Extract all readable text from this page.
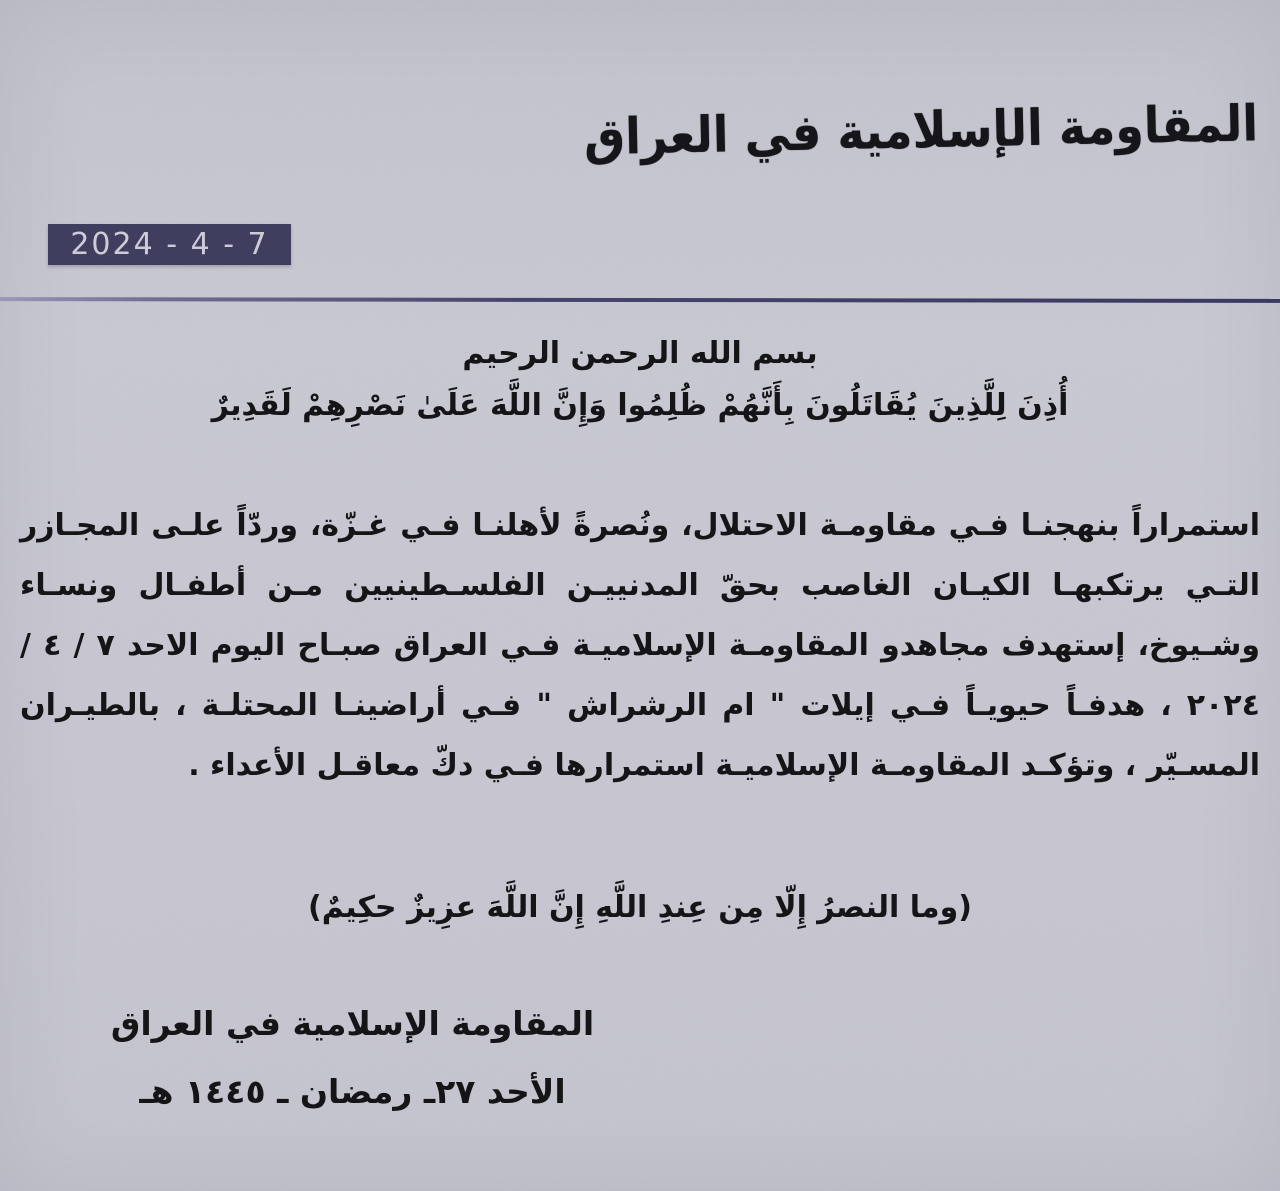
المقاومة الإسلامية في العراق
2024 - 4 - 7
بسم الله الرحمن الرحيم
أُذِنَ لِلَّذِينَ يُقَاتَلُونَ بِأَنَّهُمْ ظُلِمُوا وَإِنَّ اللَّهَ عَلَىٰ نَصْرِهِمْ لَقَدِيرٌ
استمراراً بنهجنـا فـي مقاومـة الاحتلال، ونُصرةً لأهلنـا فـي غـزّة، وردّاً علـى المجـازر التـي يرتكبهـا الكيـان الغاصب بحقّ المدنييـن الفلسـطينيين مـن أطفـال ونسـاء وشـيوخ، إستهدف مجاهدو المقاومـة الإسلاميـة فـي العراق صبـاح اليوم الاحد ٧ / ٤ / ٢٠٢٤ ، هدفـاً حيويـاً فـي إيلات " ام الرشراش " فـي أراضينـا المحتلـة ، بالطيـران المسـيّر ، وتؤكـد المقاومـة الإسلاميـة استمرارها فـي دكّ معاقـل الأعداء .
(وما النصرُ إِلّا مِن عِندِ اللَّهِ إِنَّ اللَّهَ عزِيزٌ حكِيمٌ)
المقاومة الإسلامية في العراق
الأحد ٢٧ـ رمضان ـ ١٤٤٥ هـ
